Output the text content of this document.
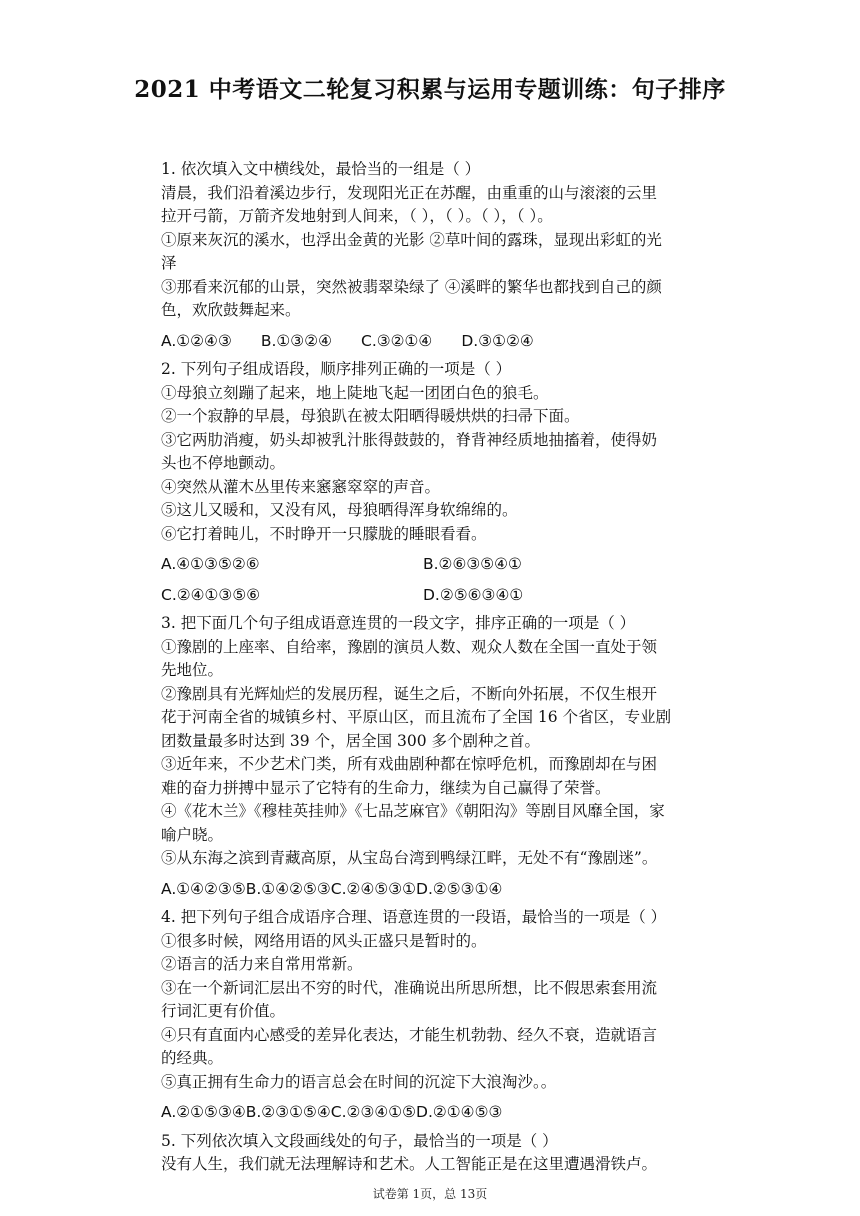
2021 中考语文二轮复习积累与运用专题训练：句子排序
1. 依次填入文中横线处，最恰当的一组是（ ）
清晨，我们沿着溪边步行，发现阳光正在苏醒，由重重的山与滚滚的云里
拉开弓箭，万箭齐发地射到人间来，（ ），（ ）。（ ），（ ）。
①原来灰沉的溪水，也浮出金黄的光影 ②草叶间的露珠，显现出彩虹的光
泽
③那看来沉郁的山景，突然被翡翠染绿了 ④溪畔的繁华也都找到自己的颜
色，欢欣鼓舞起来。
A.①②④③ B.①③②④ C.③②①④ D.③①②④
2. 下列句子组成语段，顺序排列正确的一项是（ ）
①母狼立刻蹦了起来，地上陡地飞起一团团白色的狼毛。
②一个寂静的早晨，母狼趴在被太阳晒得暖烘烘的扫帚下面。
③它两肋消瘦，奶头却被乳汁胀得鼓鼓的，脊背神经质地抽搐着，使得奶
头也不停地颤动。
④突然从灌木丛里传来窸窸窣窣的声音。
⑤这儿又暖和，又没有风，母狼晒得浑身软绵绵的。
⑥它打着盹儿，不时睁开一只朦胧的睡眼看看。
A.④①③⑤②⑥	B.②⑥③⑤④①
C.②④①③⑤⑥	D.②⑤⑥③④①
3. 把下面几个句子组成语意连贯的一段文字，排序正确的一项是（ ）
①豫剧的上座率、自给率，豫剧的演员人数、观众人数在全国一直处于领
先地位。
②豫剧具有光辉灿烂的发展历程，诞生之后，不断向外拓展，不仅生根开
花于河南全省的城镇乡村、平原山区，而且流布了全国 16 个省区，专业剧
团数量最多时达到 39 个，居全国 300 多个剧种之首。
③近年来，不少艺术门类，所有戏曲剧种都在惊呼危机，而豫剧却在与困
难的奋力拼搏中显示了它特有的生命力，继续为自己赢得了荣誉。
④《花木兰》《穆桂英挂帅》《七品芝麻官》《朝阳沟》等剧目风靡全国，家
喻户晓。
⑤从东海之滨到青藏高原，从宝岛台湾到鸭绿江畔，无处不有“豫剧迷”。
A.①④②③⑤ B.①④②⑤③ C.②④⑤③① D.②⑤③①④
4. 把下列句子组合成语序合理、语意连贯的一段语，最恰当的一项是（ ）
①很多时候，网络用语的风头正盛只是暂时的。
②语言的活力来自常用常新。
③在一个新词汇层出不穷的时代，准确说出所思所想，比不假思索套用流
行词汇更有价值。
④只有直面内心感受的差异化表达，才能生机勃勃、经久不衰，造就语言
的经典。
⑤真正拥有生命力的语言总会在时间的沉淀下大浪淘沙。。
A.②①⑤③④ B.②③①⑤④ C.②③④①⑤ D.②①④⑤③
5. 下列依次填入文段画线处的句子，最恰当的一项是（ ）
没有人生，我们就无法理解诗和艺术。人工智能正是在这里遭遇滑铁卢。
试卷第 1页，总 13页
